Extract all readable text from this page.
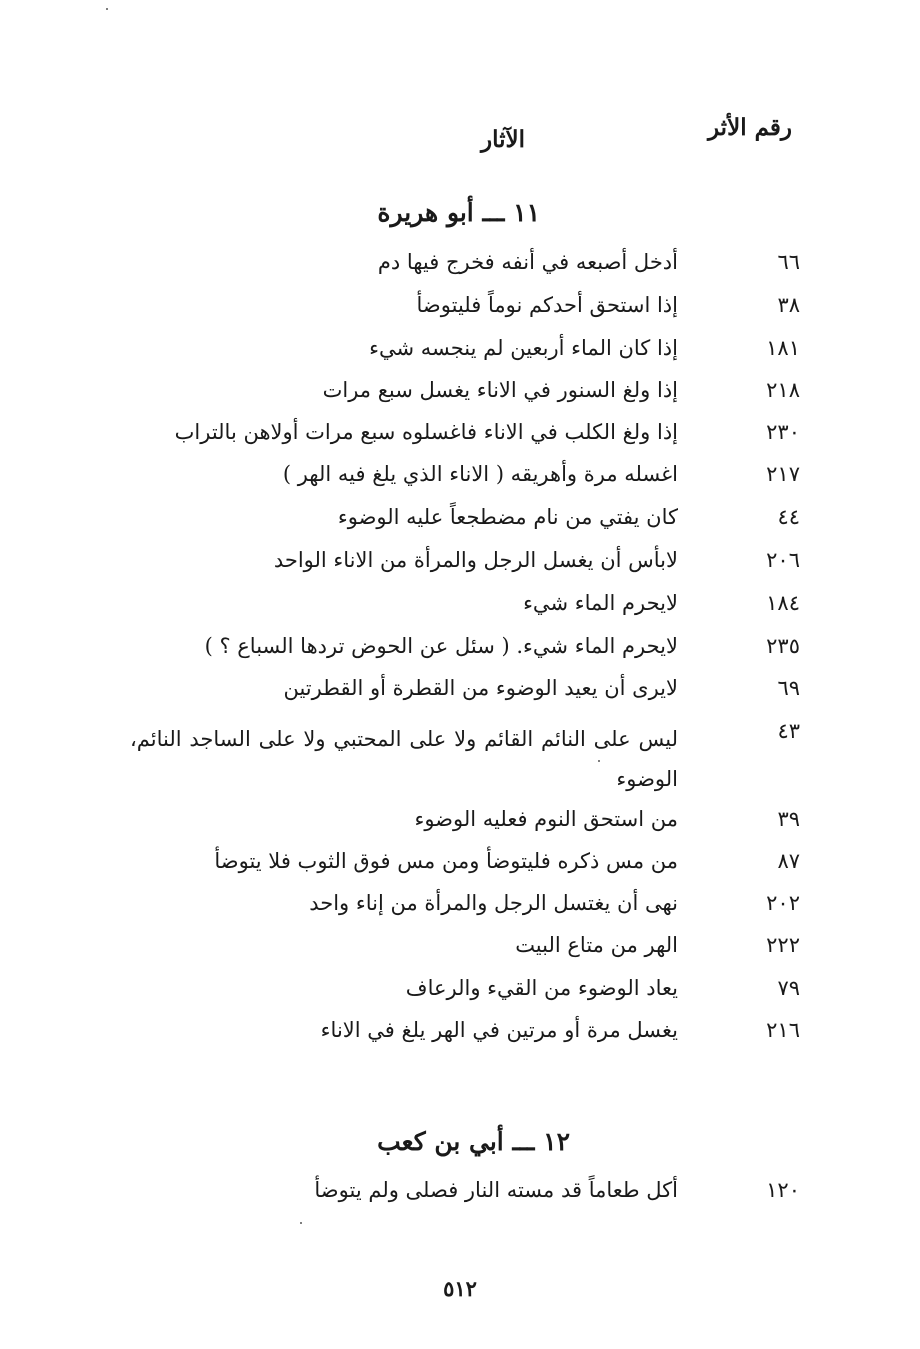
رقم الأثر
الآثار
١١ ـــ أبو هريرة
٦٦
أدخل أصبعه في أنفه فخرج فيها دم
٣٨
إذا استحق أحدكم نوماً فليتوضأ
١٨١
إذا كان الماء أربعين لم ينجسه شيء
٢١٨
إذا ولغ السنور في الاناء يغسل سبع مرات
٢٣٠
إذا ولغ الكلب في الاناء فاغسلوه سبع مرات أولاهن بالتراب
٢١٧
اغسله مرة وأهريقه ( الاناء الذي يلغ فيه الهر )
٤٤
كان يفتي من نام مضطجعاً عليه الوضوء
٢٠٦
لابأس أن يغسل الرجل والمرأة من الاناء الواحد
١٨٤
لايحرم الماء شيء
٢٣٥
لايحرم الماء شيء. ( سئل عن الحوض تردها السباع ؟ )
٦٩
لايرى أن يعيد الوضوء من القطرة أو القطرتين
٤٣
ليس على النائم القائم ولا على المحتبي ولا على الساجد النائم، الوضوء
٣٩
من استحق النوم فعليه الوضوء
٨٧
من مس ذكره فليتوضأ ومن مس فوق الثوب فلا يتوضأ
٢٠٢
نهى أن يغتسل الرجل والمرأة من إناء واحد
٢٢٢
الهر من متاع البيت
٧٩
يعاد الوضوء من القيء والرعاف
٢١٦
يغسل مرة أو مرتين في الهر يلغ في الاناء
١٢ ـــ أبي بن كعب
١٢٠
أكل طعاماً قد مسته النار فصلى ولم يتوضأ
٥١٢
